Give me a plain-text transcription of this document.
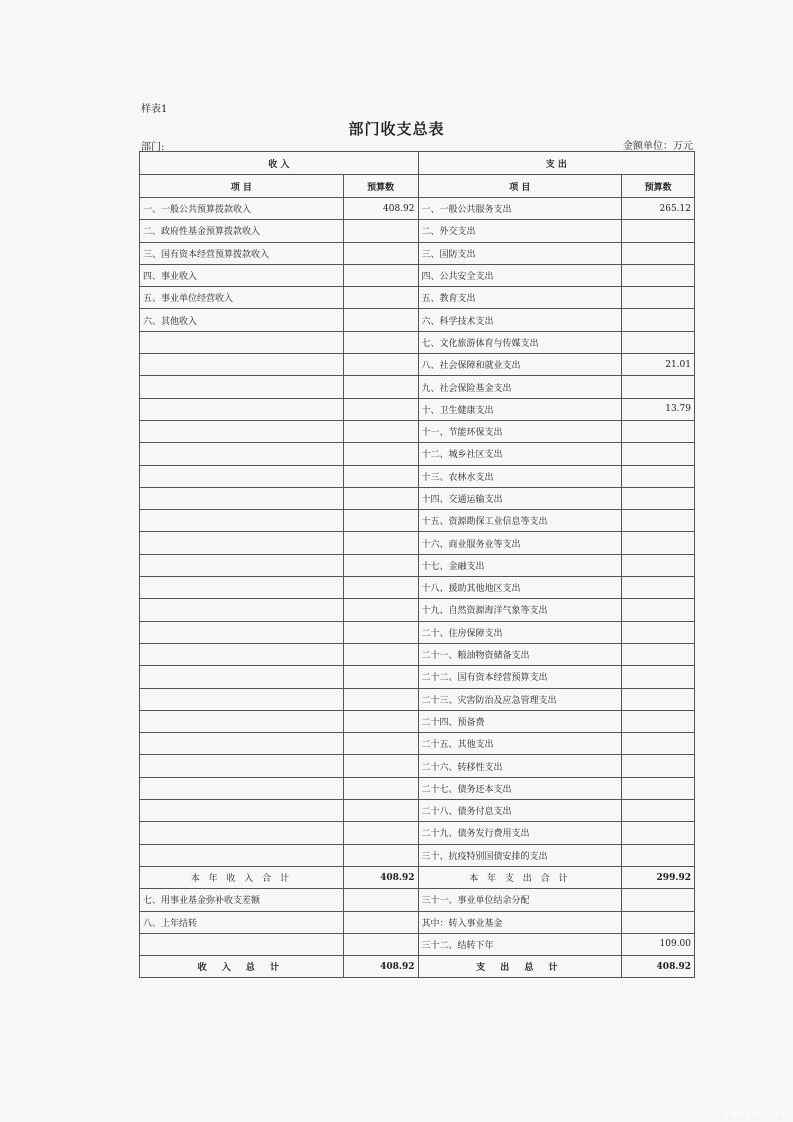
样表1
部门收支总表
部门:	金额单位：万元
收 入		支 出	
项 目	预算数	项 目	预算数
一、一般公共预算拨款收入	408.92	一、一般公共服务支出	265.12
二、政府性基金预算拨款收入		二、外交支出	
三、国有资本经营预算拨款收入		三、国防支出	
四、事业收入		四、公共安全支出	
五、事业单位经营收入		五、教育支出	
六、其他收入		六、科学技术支出	
		七、文化旅游体育与传媒支出	
		八、社会保障和就业支出	21.01
		九、社会保险基金支出	
		十、卫生健康支出	13.79
		十一、节能环保支出	
		十二、城乡社区支出	
		十三、农林水支出	
		十四、交通运输支出	
		十五、资源勘探工业信息等支出	
		十六、商业服务业等支出	
		十七、金融支出	
		十八、援助其他地区支出	
		十九、自然资源海洋气象等支出	
		二十、住房保障支出	
		二十一、粮油物资储备支出	
		二十二、国有资本经营预算支出	
		二十三、灾害防治及应急管理支出	
		二十四、预备费	
		二十五、其他支出	
		二十六、转移性支出	
		二十七、债务还本支出	
		二十八、债务付息支出	
		二十九、债务发行费用支出	
		三十、抗疫特别国债安排的支出	
本 年 收 入 合 计	408.92	本 年 支 出 合 计	299.92
七、用事业基金弥补收支差额		三十一、事业单位结余分配	
八、上年结转		其中：转入事业基金	
		三十二、结转下年	109.00
收 入 总 计	408.92	支 出 总 计	408.92
1990etc.cn
